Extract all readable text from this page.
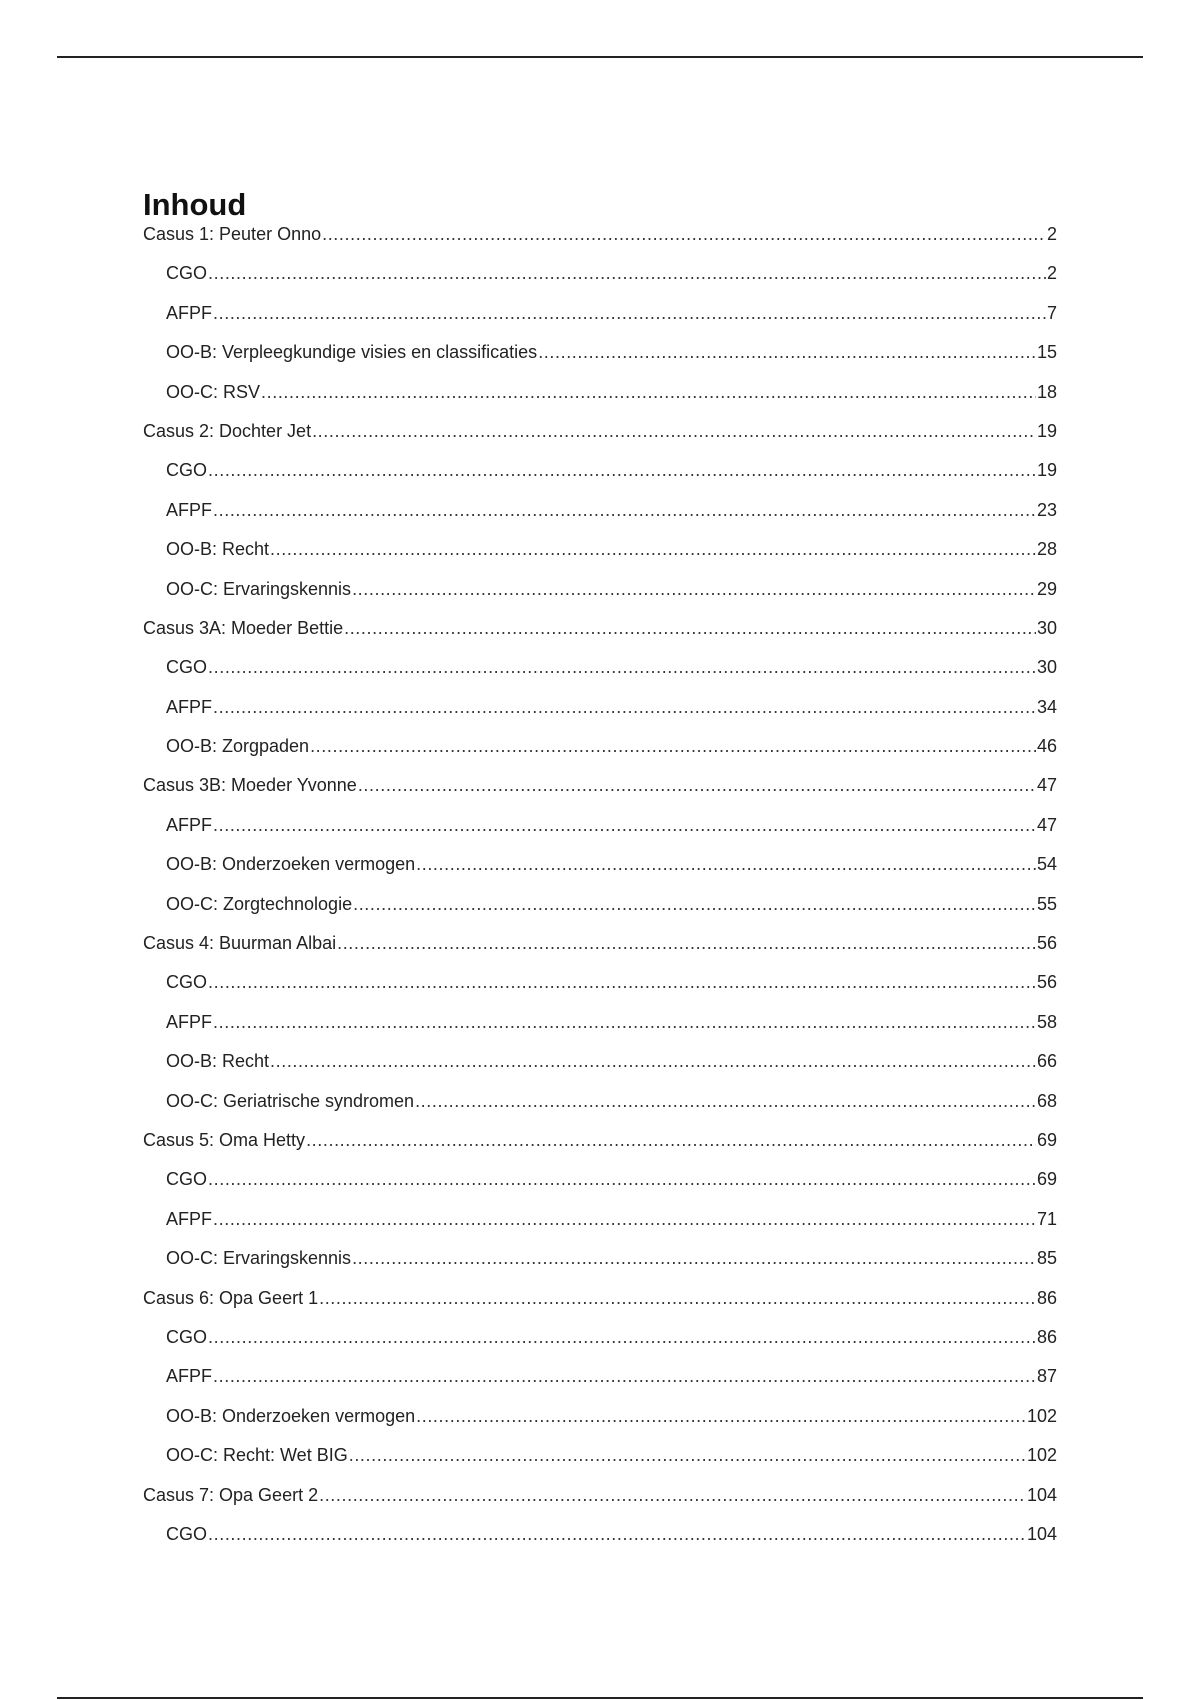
Inhoud
Casus 1: Peuter Onno .....	2
CGO .....	2
AFPF .....	7
OO-B: Verpleegkundige visies en classificaties .....	15
OO-C: RSV .....	18
Casus 2: Dochter Jet .....	19
CGO .....	19
AFPF .....	23
OO-B: Recht .....	28
OO-C: Ervaringskennis .....	29
Casus 3A: Moeder Bettie .....	30
CGO .....	30
AFPF .....	34
OO-B: Zorgpaden .....	46
Casus 3B: Moeder Yvonne .....	47
AFPF .....	47
OO-B: Onderzoeken vermogen .....	54
OO-C: Zorgtechnologie .....	55
Casus 4: Buurman Albai .....	56
CGO .....	56
AFPF .....	58
OO-B: Recht .....	66
OO-C: Geriatrische syndromen .....	68
Casus 5: Oma Hetty .....	69
CGO .....	69
AFPF .....	71
OO-C: Ervaringskennis .....	85
Casus 6: Opa Geert 1 .....	86
CGO .....	86
AFPF .....	87
OO-B: Onderzoeken vermogen .....	102
OO-C: Recht: Wet BIG .....	102
Casus 7: Opa Geert 2 .....	104
CGO .....	104
